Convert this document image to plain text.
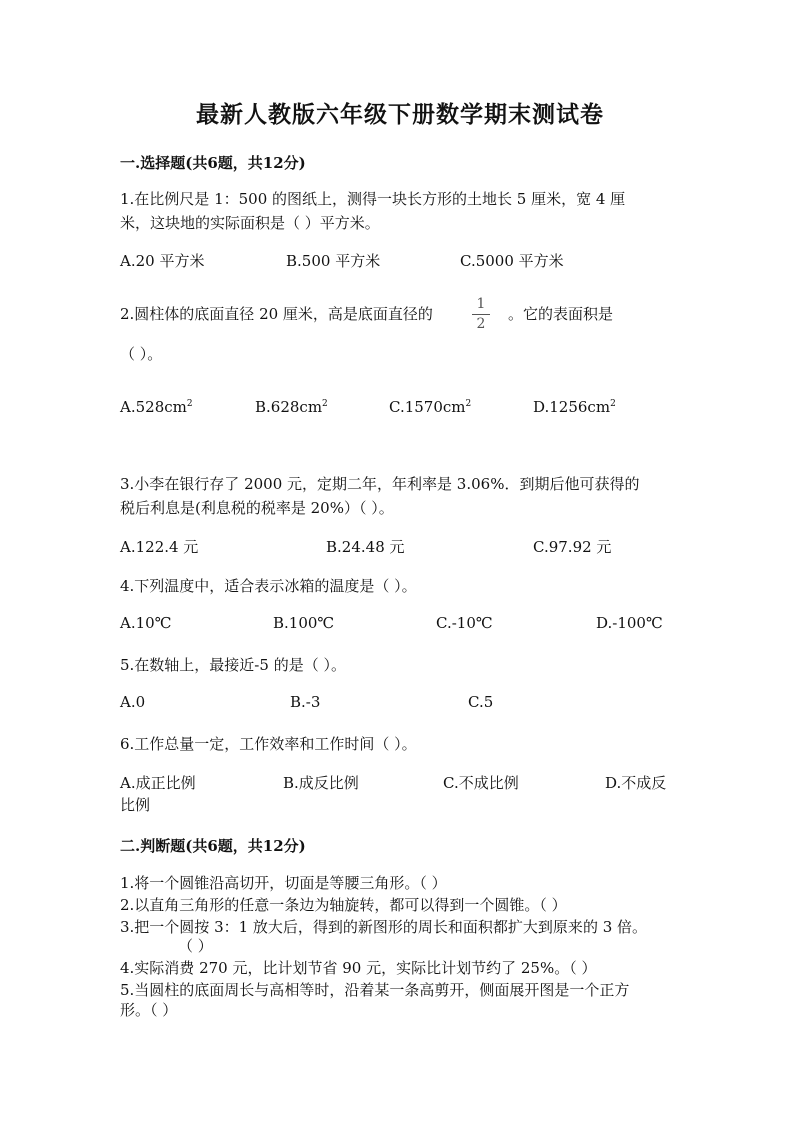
最新人教版六年级下册数学期末测试卷
一.选择题(共6题，共12分)
1.在比例尺是 1：500 的图纸上，测得一块长方形的土地长 5 厘米，宽 4 厘
米，这块地的实际面积是（ ）平方米。
A.20 平方米	B.500 平方米	C.5000 平方米
2.圆柱体的底面直径 20 厘米，高是底面直径的
1
2
。它的表面积是
（ ）。
$A.528cm^2$	$B.628cm^2$	$C.1570cm^2$	$D.1256cm^2$
3.小李在银行存了 2000 元，定期二年，年利率是 3.06%．到期后他可获得的
税后利息是(利息税的税率是 20%）（ ）。
A.122.4 元	B.24.48 元	C.97.92 元
4.下列温度中，适合表示冰箱的温度是（ ）。
A.10℃	B.100℃	C.-10℃	D.-100℃
5.在数轴上，最接近-5 的是（ ）。
A.0	B.-3	C.5
6.工作总量一定，工作效率和工作时间（ ）。
A.成正比例	B.成反比例	C.不成比例	D.不成反
比例
二.判断题(共6题，共12分)
1.将一个圆锥沿高切开，切面是等腰三角形。（ ）
2.以直角三角形的任意一条边为轴旋转，都可以得到一个圆锥。（ ）
3.把一个圆按 3：1 放大后，得到的新图形的周长和面积都扩大到原来的 3 倍。
（ ）
4.实际消费 270 元，比计划节省 90 元，实际比计划节约了 25%。（ ）
5.当圆柱的底面周长与高相等时，沿着某一条高剪开，侧面展开图是一个正方
形。（ ）
